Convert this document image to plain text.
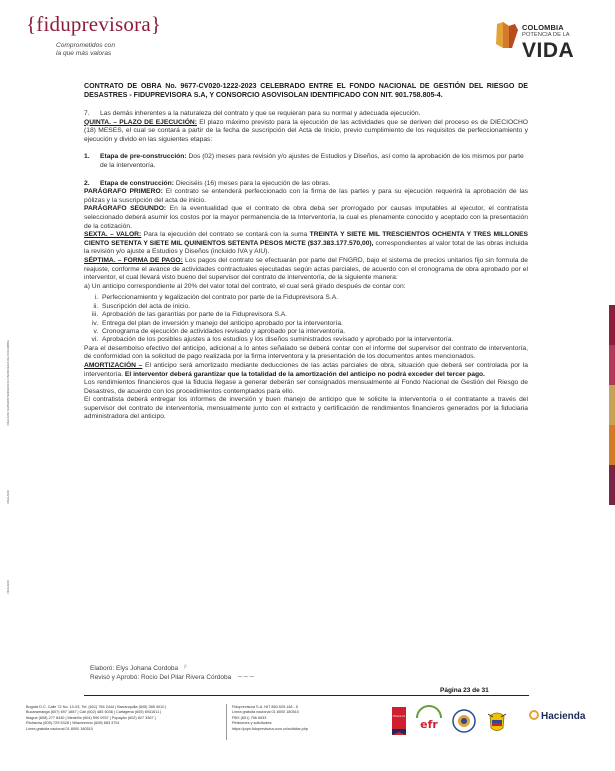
{fiduprevisora}
Comprometidos con
la que más valoras
COLOMBIA
POTENCIA DE LA
VIDA
VIGILADO SUPERINTENDENCIA FINANCIERA DE COLOMBIA
VIGILADO
VIGILADO

CONTRATO DE OBRA No. 9677-CV020-1222-2023 CELEBRADO ENTRE EL FONDO NACIONAL DE GESTIÓN DEL RIESGO DE DESASTRES - FIDUPREVISORA S.A, Y CONSORCIO ASOVISOLAN IDENTIFICADO CON NIT. 901.758.805-4.

7.	Las demás inherentes a la naturaleza del contrato y que se requieran para su normal y adecuada ejecución.

QUINTA. – PLAZO DE EJECUCIÓN: El plazo máximo previsto para la ejecución de las actividades que se deriven del proceso es de DIECIOCHO (18) MESES, el cual se contará a partir de la fecha de suscripción del Acta de Inicio, previo cumplimiento de los requisitos de perfeccionamiento y ejecución y divido en las siguientes etapas:

1.	Etapa de pre-construcción: Dos (02) meses para revisión y/o ajustes de Estudios y Diseños, así como la aprobación de los mismos por parte de la interventoría.
2.	Etapa de construcción: Dieciséis (16) meses para la ejecución de las obras.

PARÁGRAFO PRIMERO: El contrato se entenderá perfeccionado con la firma de las partes y para su ejecución requerirá la aprobación de las pólizas y la suscripción del acta de inicio.

PARÁGRAFO SEGUNDO: En la eventualidad que el contrato de obra deba ser prorrogado por causas imputables al ejecutor, el contratista seleccionado deberá asumir los costos por la mayor permanencia de la Interventoría, la cual es plenamente conocido y aceptado con la presentación de la cotización.

SEXTA. – VALOR: Para la ejecución del contrato se contará con la suma TREINTA Y SIETE MIL TRESCIENTOS OCHENTA Y TRES MILLONES CIENTO SETENTA Y SIETE MIL QUINIENTOS SETENTA PESOS M/CTE ($37.383.177.570,00), correspondientes al valor total de las obras incluida la revisión y/o ajuste a Estudios y Diseños (incluido IVA y AIU).

SÉPTIMA. – FORMA DE PAGO: Los pagos del contrato se efectuarán por parte del FNGRD, bajo el sistema de precios unitarios fijo sin formula de reajuste, conforme el avance de actividades contractuales ejecutadas según actas parciales, de acuerdo con el cronograma de obra aprobado por el interventor, el cual llevará visto bueno del supervisor del contrato de interventoría, de la siguiente manera:

a) Un anticipo correspondiente al 20% del valor total del contrato, el cual será girado después de contar con:

i. Perfeccionamiento y legalización del contrato por parte de la Fiduprevisora S.A.
ii. Suscripción del acta de inicio.
iii. Aprobación de las garantías por parte de la Fiduprevisora S.A.
iv. Entrega del plan de inversión y manejo del anticipo aprobado por la interventoría.
v. Cronograma de ejecución de actividades revisado y aprobado por la interventoría.
vi. Aprobación de los posibles ajustes a los estudios y los diseños suministrados revisado y aprobado por la interventoría.

Para el desembolso efectivo del anticipo, adicional a lo antes señalado se deberá contar con el informe del supervisor del contrato de interventoría, de conformidad con la solicitud de pago realizada por la firma interventora y la presentación de los documentos antes mencionados.

AMORTIZACIÓN – El anticipo será amortizado mediante deducciones de las actas parciales de obra, situación que deberá ser controlada por la interventoría. El interventor deberá garantizar que la totalidad de la amortización del anticipo no podrá exceder del tercer pago.

Los rendimientos financieros que la fiducia llegase a generar deberán ser consignados mensualmente al Fondo Nacional de Gestión del Riesgo de Desastres, de acuerdo con los procedimientos contemplados para ello.

El contratista deberá entregar los informes de inversión y buen manejo de anticipo que le solicite la interventoría o el contratante a través del supervisor del contrato de interventoría, mensualmente junto con el extracto y certificación de rendimientos financieros generados por la fiduciaria administradora del anticipo.

Elaboró: Elys Johana Cordoba ᵝ
Revisó y Aprobó: Rocio Del Pilar Rivera Córdoba ~~~
Página 23 de 31
Bogotá D.C. Calle 72 No. 10-03, Tel. (601) 756 2444 | Barranquilla (605) 385 4010 |
Bucaramanga (607) 697 1687 | Cali (602) 485 5036 | Cartagena (605) 6931611 |
Ibagué (608) 277 8430 | Medellín (604) 590 0937 | Popayán (602) 827 3367 |
Riohacha (605) 729 5328 | Villavicencio (608) 683 3751
Línea gratuita nacional 01 8000 180510
Fiduprevisora S.A. NIT 860.525.148 - 5
Línea gratuita nacional 01 8000 180510
PBX (601) 756 6633
Peticiones y solicitudes:
https://pqrs.fiduprevisora.com.co/solicitar.php
Great Place to Work
efr
Hacienda
